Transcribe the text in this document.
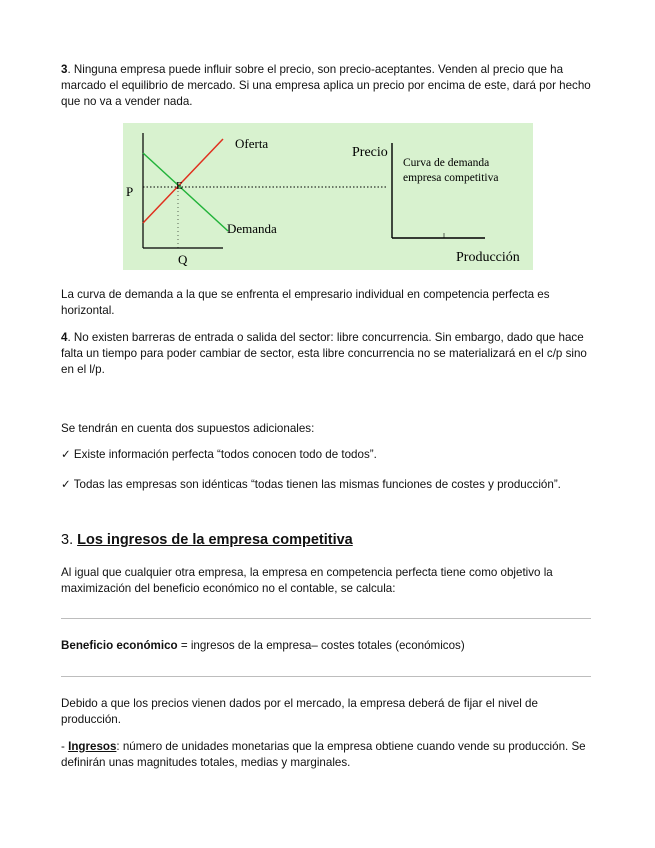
3. Ninguna empresa puede influir sobre el precio, son precio-aceptantes. Venden al precio que ha marcado el equilibrio de mercado. Si una empresa aplica un precio por encima de este, dará por hecho que no va a vender nada.

Oferta
Demanda
P
Q
E
Precio
Producción
Curva de demanda
empresa competitiva

La curva de demanda a la que se enfrenta el empresario individual en competencia perfecta es horizontal.

4. No existen barreras de entrada o salida del sector: libre concurrencia. Sin embargo, dado que hace falta un tiempo para poder cambiar de sector, esta libre concurrencia no se materializará en el c/p sino en el l/p.

Se tendrán en cuenta dos supuestos adicionales:

✓ Existe información perfecta “todos conocen todo de todos”.

✓ Todas las empresas son idénticas “todas tienen las mismas funciones de costes y producción”.

3. Los ingresos de la empresa competitiva

Al igual que cualquier otra empresa, la empresa en competencia perfecta tiene como objetivo la maximización del beneficio económico no el contable, se calcula:

Beneficio económico = ingresos de la empresa– costes totales (económicos)

Debido a que los precios vienen dados por el mercado, la empresa deberá de fijar el nivel de producción.

- Ingresos: número de unidades monetarias que la empresa obtiene cuando vende su producción. Se definirán unas magnitudes totales, medias y marginales.
